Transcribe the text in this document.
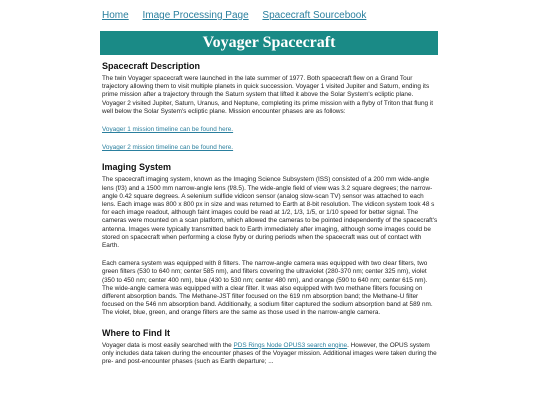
Home Image Processing Page Spacecraft Sourcebook
Voyager Spacecraft
Spacecraft Description

The twin Voyager spacecraft were launched in the late summer of 1977. Both spacecraft flew on a Grand Tour trajectory allowing them to visit multiple planets in quick succession. Voyager 1 visited Jupiter and Saturn, ending its prime mission after a trajectory through the Saturn system that lifted it above the Solar System's ecliptic plane. Voyager 2 visited Jupiter, Saturn, Uranus, and Neptune, completing its prime mission with a flyby of Triton that flung it well below the Solar System's ecliptic plane. Mission encounter phases are as follows:

Voyager 1 mission timeline can be found here.
Voyager 2 mission timeline can be found here.
Imaging System

The spacecraft imaging system, known as the Imaging Science Subsystem (ISS) consisted of a 200 mm wide-angle lens (f/3) and a 1500 mm narrow-angle lens (f/8.5). The wide-angle field of view was 3.2 square degrees; the narrow-angle 0.42 square degrees. A selenium sulfide vidicon sensor (analog slow-scan TV) sensor was attached to each lens. Each image was 800 x 800 px in size and was returned to Earth at 8-bit resolution. The vidicon system took 48 s for each image readout, although faint images could be read at 1/2, 1/3, 1/5, or 1/10 speed for better signal. The cameras were mounted on a scan platform, which allowed the cameras to be pointed independently of the spacecraft's antenna. Images were typically transmitted back to Earth immediately after imaging, although some images could be stored on spacecraft when performing a close flyby or during periods when the spacecraft was out of contact with Earth.

Each camera system was equipped with 8 filters. The narrow-angle camera was equipped with two clear filters, two green filters (530 to 640 nm; center 585 nm), and filters covering the ultraviolet (280-370 nm; center 325 nm), violet (350 to 450 nm; center 400 nm), blue (430 to 530 nm; center 480 nm), and orange (590 to 640 nm; center 615 nm). The wide-angle camera was equipped with a clear filter. It was also equipped with two methane filters focusing on different absorption bands. The Methane-JST filter focused on the 619 nm absorption band; the Methane-U filter focused on the 546 nm absorption band. Additionally, a sodium filter captured the sodium absorption band at 589 nm. The violet, blue, green, and orange filters are the same as those used in the narrow-angle camera.

Where to Find It

Voyager data is most easily searched with the PDS Rings Node OPUS3 search engine. However, the OPUS system only includes data taken during the encounter phases of the Voyager mission. Additional images were taken during the pre- and post-encounter phases (such as Earth departure; ...
